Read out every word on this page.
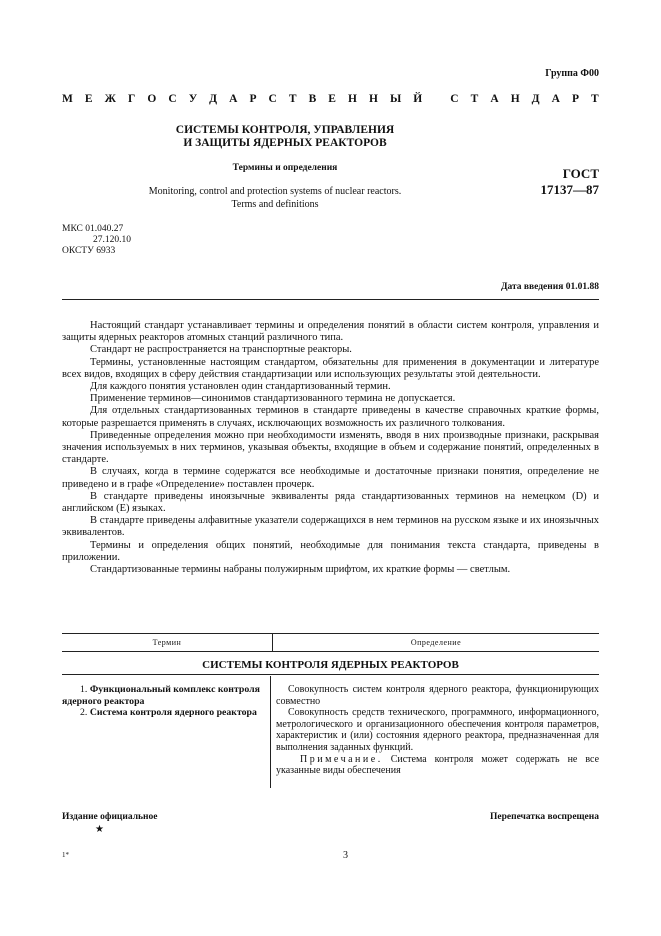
Группа Ф00
М Е Ж Г О С У Д А Р С Т В Е Н Н Ы Й С Т А Н Д А Р Т
СИСТЕМЫ КОНТРОЛЯ, УПРАВЛЕНИЯ
И ЗАЩИТЫ ЯДЕРНЫХ РЕАКТОРОВ
Термины и определения
Monitoring, control and protection systems of nuclear reactors.
Terms and definitions
ГОСТ
17137—87
МКС 01.040.27
27.120.10
ОКСТУ 6933
Дата введения 01.01.88

Настоящий стандарт устанавливает термины и определения понятий в области систем контроля, управления и защиты ядерных реакторов атомных станций различного типа.

Стандарт не распространяется на транспортные реакторы.

Термины, установленные настоящим стандартом, обязательны для применения в документации и литературе всех видов, входящих в сферу действия стандартизации или использующих результаты этой деятельности.

Для каждого понятия установлен один стандартизованный термин.

Применение терминов—синонимов стандартизованного термина не допускается.

Для отдельных стандартизованных терминов в стандарте приведены в качестве справочных краткие формы, которые разрешается применять в случаях, исключающих возможность их различного толкования.

Приведенные определения можно при необходимости изменять, вводя в них производные признаки, раскрывая значения используемых в них терминов, указывая объекты, входящие в объем и содержание понятий, определенных в стандарте.

В случаях, когда в термине содержатся все необходимые и достаточные признаки понятия, определение не приведено и в графе «Определение» поставлен прочерк.

В стандарте приведены иноязычные эквиваленты ряда стандартизованных терминов на немецком (D) и английском (E) языках.

В стандарте приведены алфавитные указатели содержащихся в нем терминов на русском языке и их иноязычных эквивалентов.

Термины и определения общих понятий, необходимые для понимания текста стандарта, приведены в приложении.

Стандартизованные термины набраны полужирным шрифтом, их краткие формы — светлым.

Термин	Определение
СИСТЕМЫ КОНТРОЛЯ ЯДЕРНЫХ РЕАКТОРОВ
1. Функциональный комплекс контроля ядерного реактора
2. Система контроля ядерного реактора

Совокупность систем контроля ядерного реактора, функционирующих совместно

Совокупность средств технического, программного, информационного, метрологического и организационного обеспечения контроля параметров, характеристик и (или) состояния ядерного реактора, предназначенная для выполнения заданных функций.

Примечание. Система контроля может содержать не все указанные виды обеспечения

Издание официальное
★
Перепечатка воспрещена
3
1*
